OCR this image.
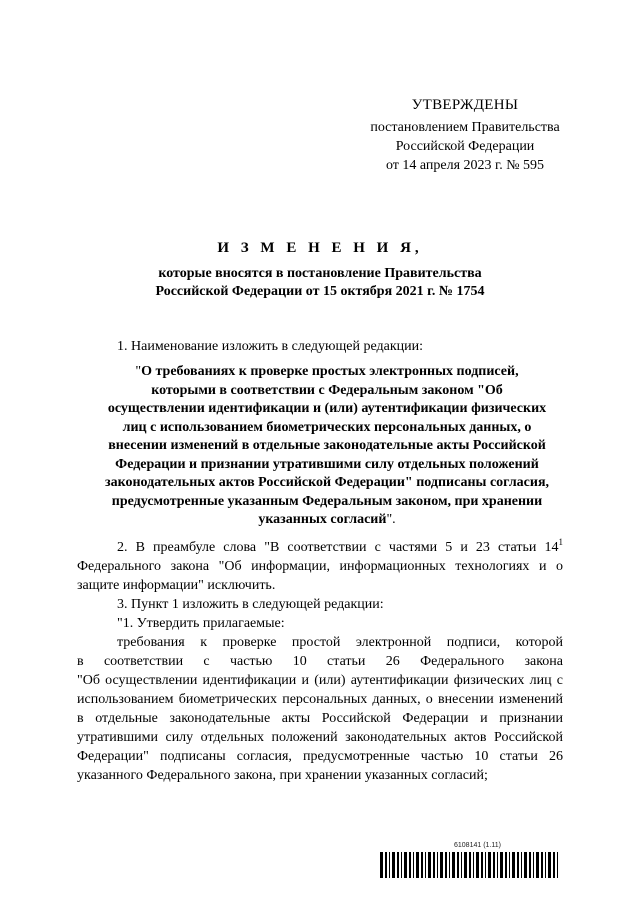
УТВЕРЖДЕНЫ
постановлением Правительства
Российской Федерации
от 14 апреля 2023 г. № 595
И З М Е Н Е Н И Я,
которые вносятся в постановление Правительства
Российской Федерации от 15 октября 2021 г. № 1754

1. Наименование изложить в следующей редакции:

"О требованиях к проверке простых электронных подписей, которыми в соответствии с Федеральным законом "Об осуществлении идентификации и (или) аутентификации физических лиц с использованием биометрических персональных данных, о внесении изменений в отдельные законодательные акты Российской Федерации и признании утратившими силу отдельных положений законодательных актов Российской Федерации" подписаны согласия, предусмотренные указанным Федеральным законом, при хранении указанных согласий".

2. В преамбуле слова "В соответствии с частями 5 и 23 статьи $14^1$ Федерального закона "Об информации, информационных технологиях и о защите информации" исключить.

3. Пункт 1 изложить в следующей редакции:

"1. Утвердить прилагаемые:

требования к проверке простой электронной подписи, которой

в соответствии с частью 10 статьи 26 Федерального закона

"Об осуществлении идентификации и (или) аутентификации физических лиц с использованием биометрических персональных данных, о внесении изменений в отдельные законодательные акты Российской Федерации и признании утратившими силу отдельных положений законодательных актов Российской Федерации" подписаны согласия, предусмотренные частью 10 статьи 26 указанного Федерального закона, при хранении указанных согласий;

6108141 (1.11)
